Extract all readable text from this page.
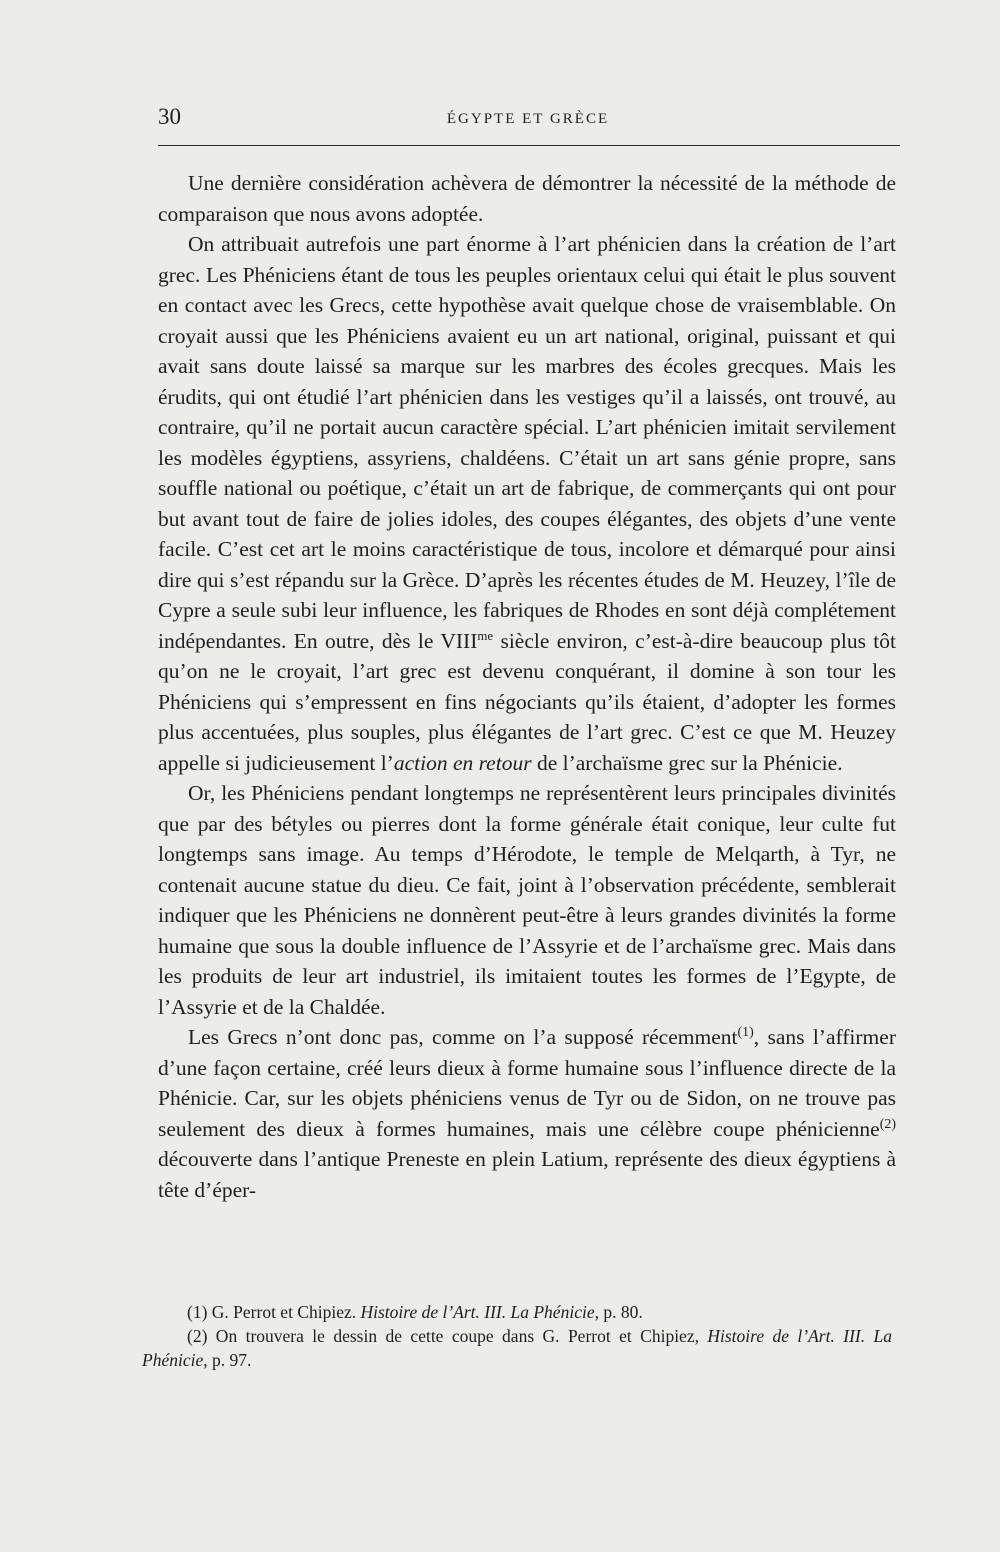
30	ÉGYPTE ET GRÈCE

Une dernière considération achèvera de démontrer la nécessité de la méthode de comparaison que nous avons adoptée.

On attribuait autrefois une part énorme à l’art phénicien dans la création de l’art grec. Les Phéniciens étant de tous les peuples orientaux celui qui était le plus souvent en contact avec les Grecs, cette hypothèse avait quelque chose de vraisemblable. On croyait aussi que les Phéniciens avaient eu un art national, original, puissant et qui avait sans doute laissé sa marque sur les marbres des écoles grecques. Mais les érudits, qui ont étudié l’art phénicien dans les vestiges qu’il a laissés, ont trouvé, au contraire, qu’il ne portait aucun caractère spécial. L’art phénicien imitait servilement les modèles égyptiens, assyriens, chaldéens. C’était un art sans génie propre, sans souffle national ou poétique, c’était un art de fabrique, de commerçants qui ont pour but avant tout de faire de jolies idoles, des coupes élégantes, des objets d’une vente facile. C’est cet art le moins caractéristique de tous, incolore et démarqué pour ainsi dire qui s’est répandu sur la Grèce. D’après les récentes études de M. Heuzey, l’île de Cypre a seule subi leur influence, les fabriques de Rhodes en sont déjà complétement indépendantes. En outre, dès le $VIII^{me}$ siècle environ, c’est-à-dire beaucoup plus tôt qu’on ne le croyait, l’art grec est devenu conquérant, il domine à son tour les Phéniciens qui s’empressent en fins négociants qu’ils étaient, d’adopter les formes plus accentuées, plus souples, plus élégantes de l’art grec. C’est ce que M. Heuzey appelle si judicieusement l’action en retour de l’archaïsme grec sur la Phénicie.

Or, les Phéniciens pendant longtemps ne représentèrent leurs principales divinités que par des bétyles ou pierres dont la forme générale était conique, leur culte fut longtemps sans image. Au temps d’Hérodote, le temple de Melqarth, à Tyr, ne contenait aucune statue du dieu. Ce fait, joint à l’observation précédente, semblerait indiquer que les Phéniciens ne donnèrent peut-être à leurs grandes divinités la forme humaine que sous la double influence de l’Assyrie et de l’archaïsme grec. Mais dans les produits de leur art industriel, ils imitaient toutes les formes de l’Egypte, de l’Assyrie et de la Chaldée.

Les Grecs n’ont donc pas, comme on l’a supposé récemment$^{(1)}$, sans l’affirmer d’une façon certaine, créé leurs dieux à forme humaine sous l’influence directe de la Phénicie. Car, sur les objets phéniciens venus de Tyr ou de Sidon, on ne trouve pas seulement des dieux à formes humaines, mais une célèbre coupe phénicienne$^{(2)}$ découverte dans l’antique Preneste en plein Latium, représente des dieux égyptiens à tête d’éper-

(1) G. Perrot et Chipiez. Histoire de l’Art. III. La Phénicie, p. 80.

(2) On trouvera le dessin de cette coupe dans G. Perrot et Chipiez, Histoire de l’Art. III. La Phénicie, p. 97.
